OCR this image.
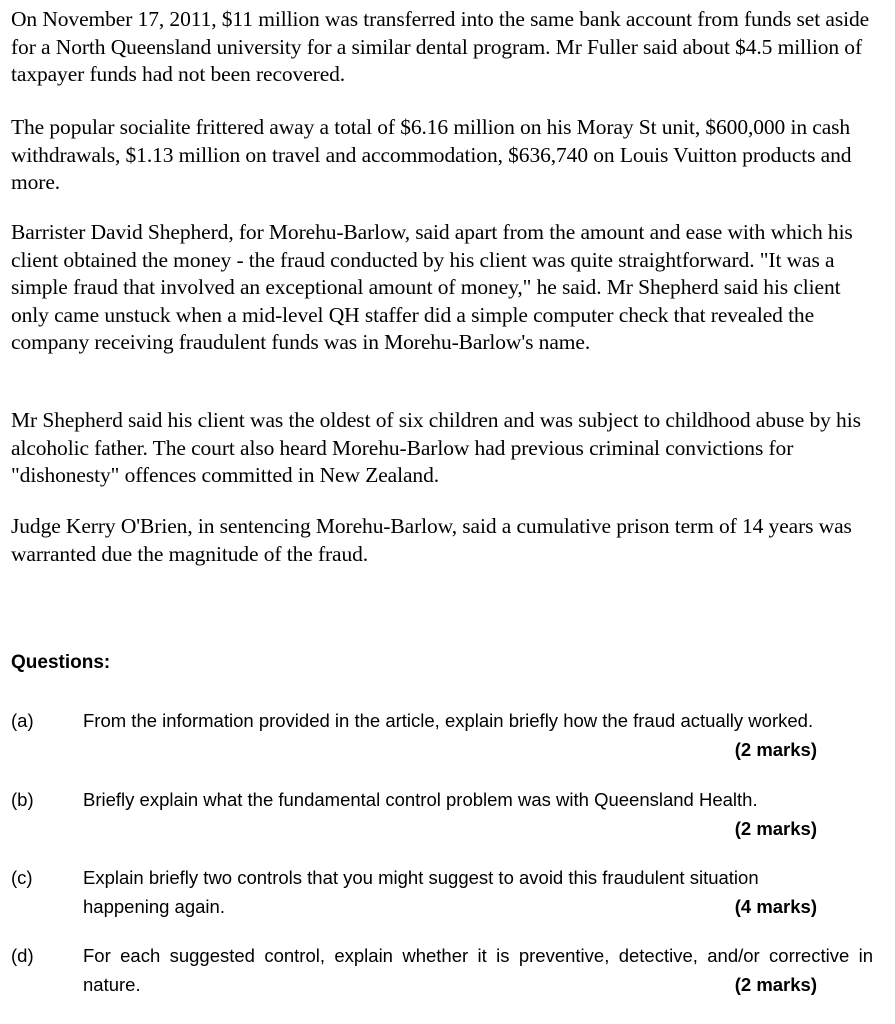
On November 17, 2011, $11 million was transferred into the same bank account from funds set aside for a North Queensland university for a similar dental program. Mr Fuller said about $4.5 million of taxpayer funds had not been recovered.

The popular socialite frittered away a total of $6.16 million on his Moray St unit, $600,000 in cash withdrawals, $1.13 million on travel and accommodation, $636,740 on Louis Vuitton products and more.

Barrister David Shepherd, for Morehu-Barlow, said apart from the amount and ease with which his client obtained the money - the fraud conducted by his client was quite straightforward. "It was a simple fraud that involved an exceptional amount of money," he said. Mr Shepherd said his client only came unstuck when a mid-level QH staffer did a simple computer check that revealed the company receiving fraudulent funds was in Morehu-Barlow's name.

Mr Shepherd said his client was the oldest of six children and was subject to childhood abuse by his alcoholic father. The court also heard Morehu-Barlow had previous criminal convictions for "dishonesty" offences committed in New Zealand.

Judge Kerry O'Brien, in sentencing Morehu-Barlow, said a cumulative prison term of 14 years was warranted due the magnitude of the fraud.

Questions:
(a)	From the information provided in the article, explain briefly how the fraud actually worked.
(2 marks)
(b)	Briefly explain what the fundamental control problem was with Queensland Health.
(2 marks)
(c)	Explain briefly two controls that you might suggest to avoid this fraudulent situation happening again.	(4 marks)
(d)	For each suggested control, explain whether it is preventive, detective, and/or corrective in nature.	(2 marks)
